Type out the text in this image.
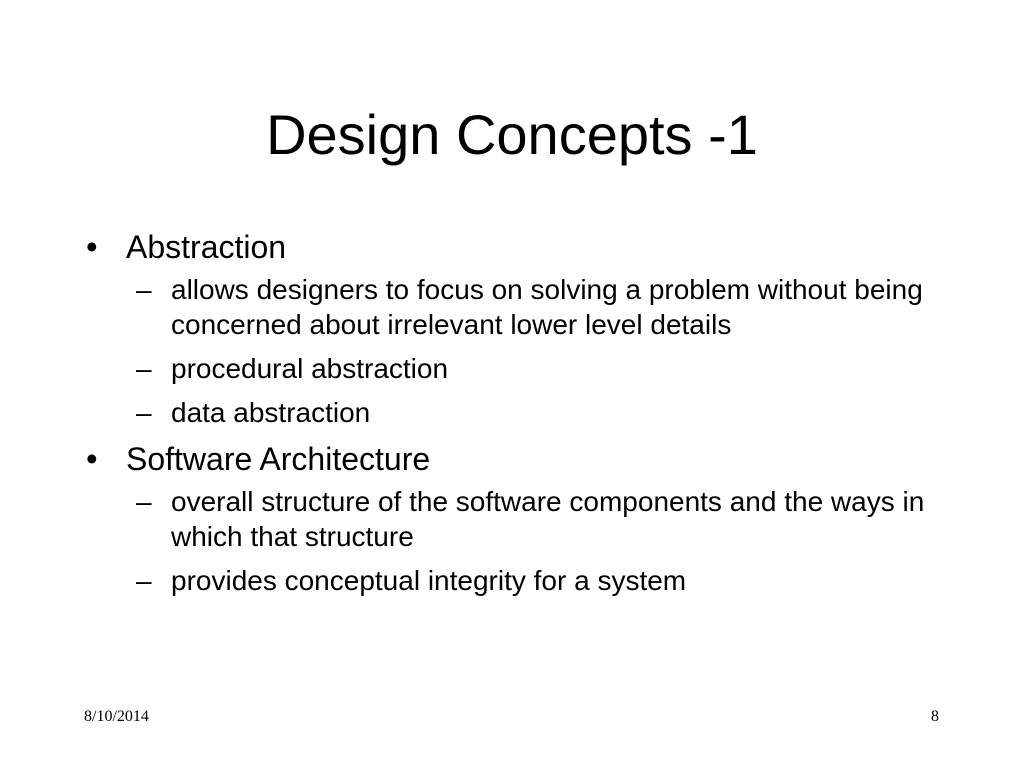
Design Concepts -1
• Abstraction
– allows designers to focus on solving a problem without being concerned about irrelevant lower level details
– procedural abstraction
– data abstraction
• Software Architecture
– overall structure of the software components and the ways in which that structure
– provides conceptual integrity for a system
8/10/2014	8
